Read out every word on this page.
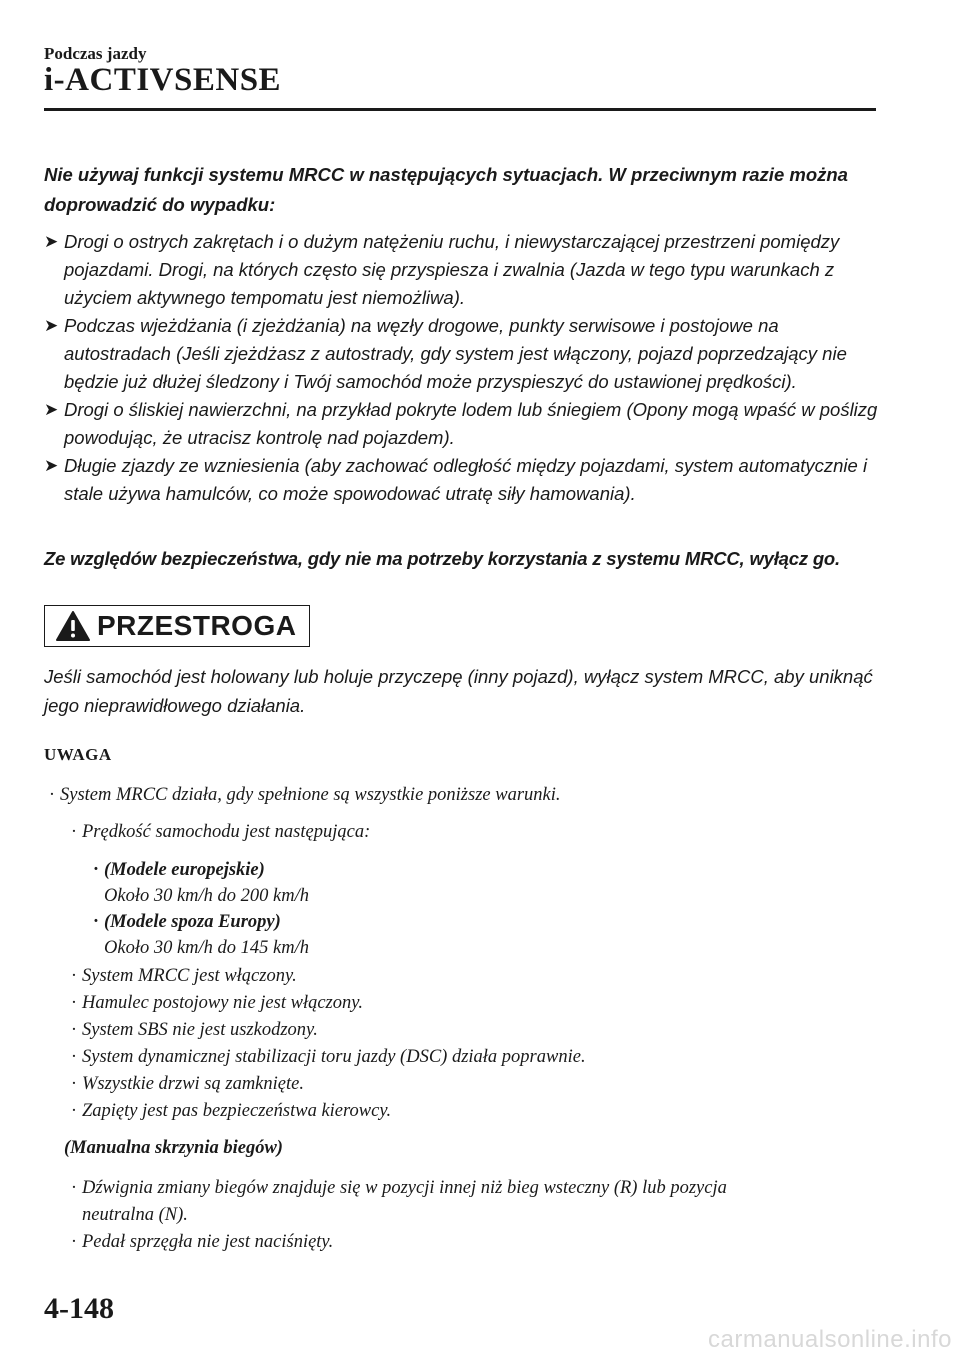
Podczas jazdy
i-ACTIVSENSE
Nie używaj funkcji systemu MRCC w następujących sytuacjach. W przeciwnym razie można doprowadzić do wypadku:
➤ Drogi o ostrych zakrętach i o dużym natężeniu ruchu, i niewystarczającej przestrzeni pomiędzy pojazdami. Drogi, na których często się przyspiesza i zwalnia (Jazda w tego typu warunkach z użyciem aktywnego tempomatu jest niemożliwa).
➤ Podczas wjeżdżania (i zjeżdżania) na węzły drogowe, punkty serwisowe i postojowe na autostradach (Jeśli zjeżdżasz z autostrady, gdy system jest włączony, pojazd poprzedzający nie będzie już dłużej śledzony i Twój samochód może przyspieszyć do ustawionej prędkości).
➤ Drogi o śliskiej nawierzchni, na przykład pokryte lodem lub śniegiem (Opony mogą wpaść w poślizg powodując, że utracisz kontrolę nad pojazdem).
➤ Długie zjazdy ze wzniesienia (aby zachować odległość między pojazdami, system automatycznie i stale używa hamulców, co może spowodować utratę siły hamowania).
Ze względów bezpieczeństwa, gdy nie ma potrzeby korzystania z systemu MRCC, wyłącz go.
PRZESTROGA
Jeśli samochód jest holowany lub holuje przyczepę (inny pojazd), wyłącz system MRCC, aby uniknąć jego nieprawidłowego działania.
UWAGA
· System MRCC działa, gdy spełnione są wszystkie poniższe warunki.
· Prędkość samochodu jest następująca:
· (Modele europejskie)
Około 30 km/h do 200 km/h
· (Modele spoza Europy)
Około 30 km/h do 145 km/h
· System MRCC jest włączony.
· Hamulec postojowy nie jest włączony.
· System SBS nie jest uszkodzony.
· System dynamicznej stabilizacji toru jazdy (DSC) działa poprawnie.
· Wszystkie drzwi są zamknięte.
· Zapięty jest pas bezpieczeństwa kierowcy.
(Manualna skrzynia biegów)
· Dźwignia zmiany biegów znajduje się w pozycji innej niż bieg wsteczny (R) lub pozycja
neutralna (N).
· Pedał sprzęgła nie jest naciśnięty.
4-148
carmanualsonline.info
